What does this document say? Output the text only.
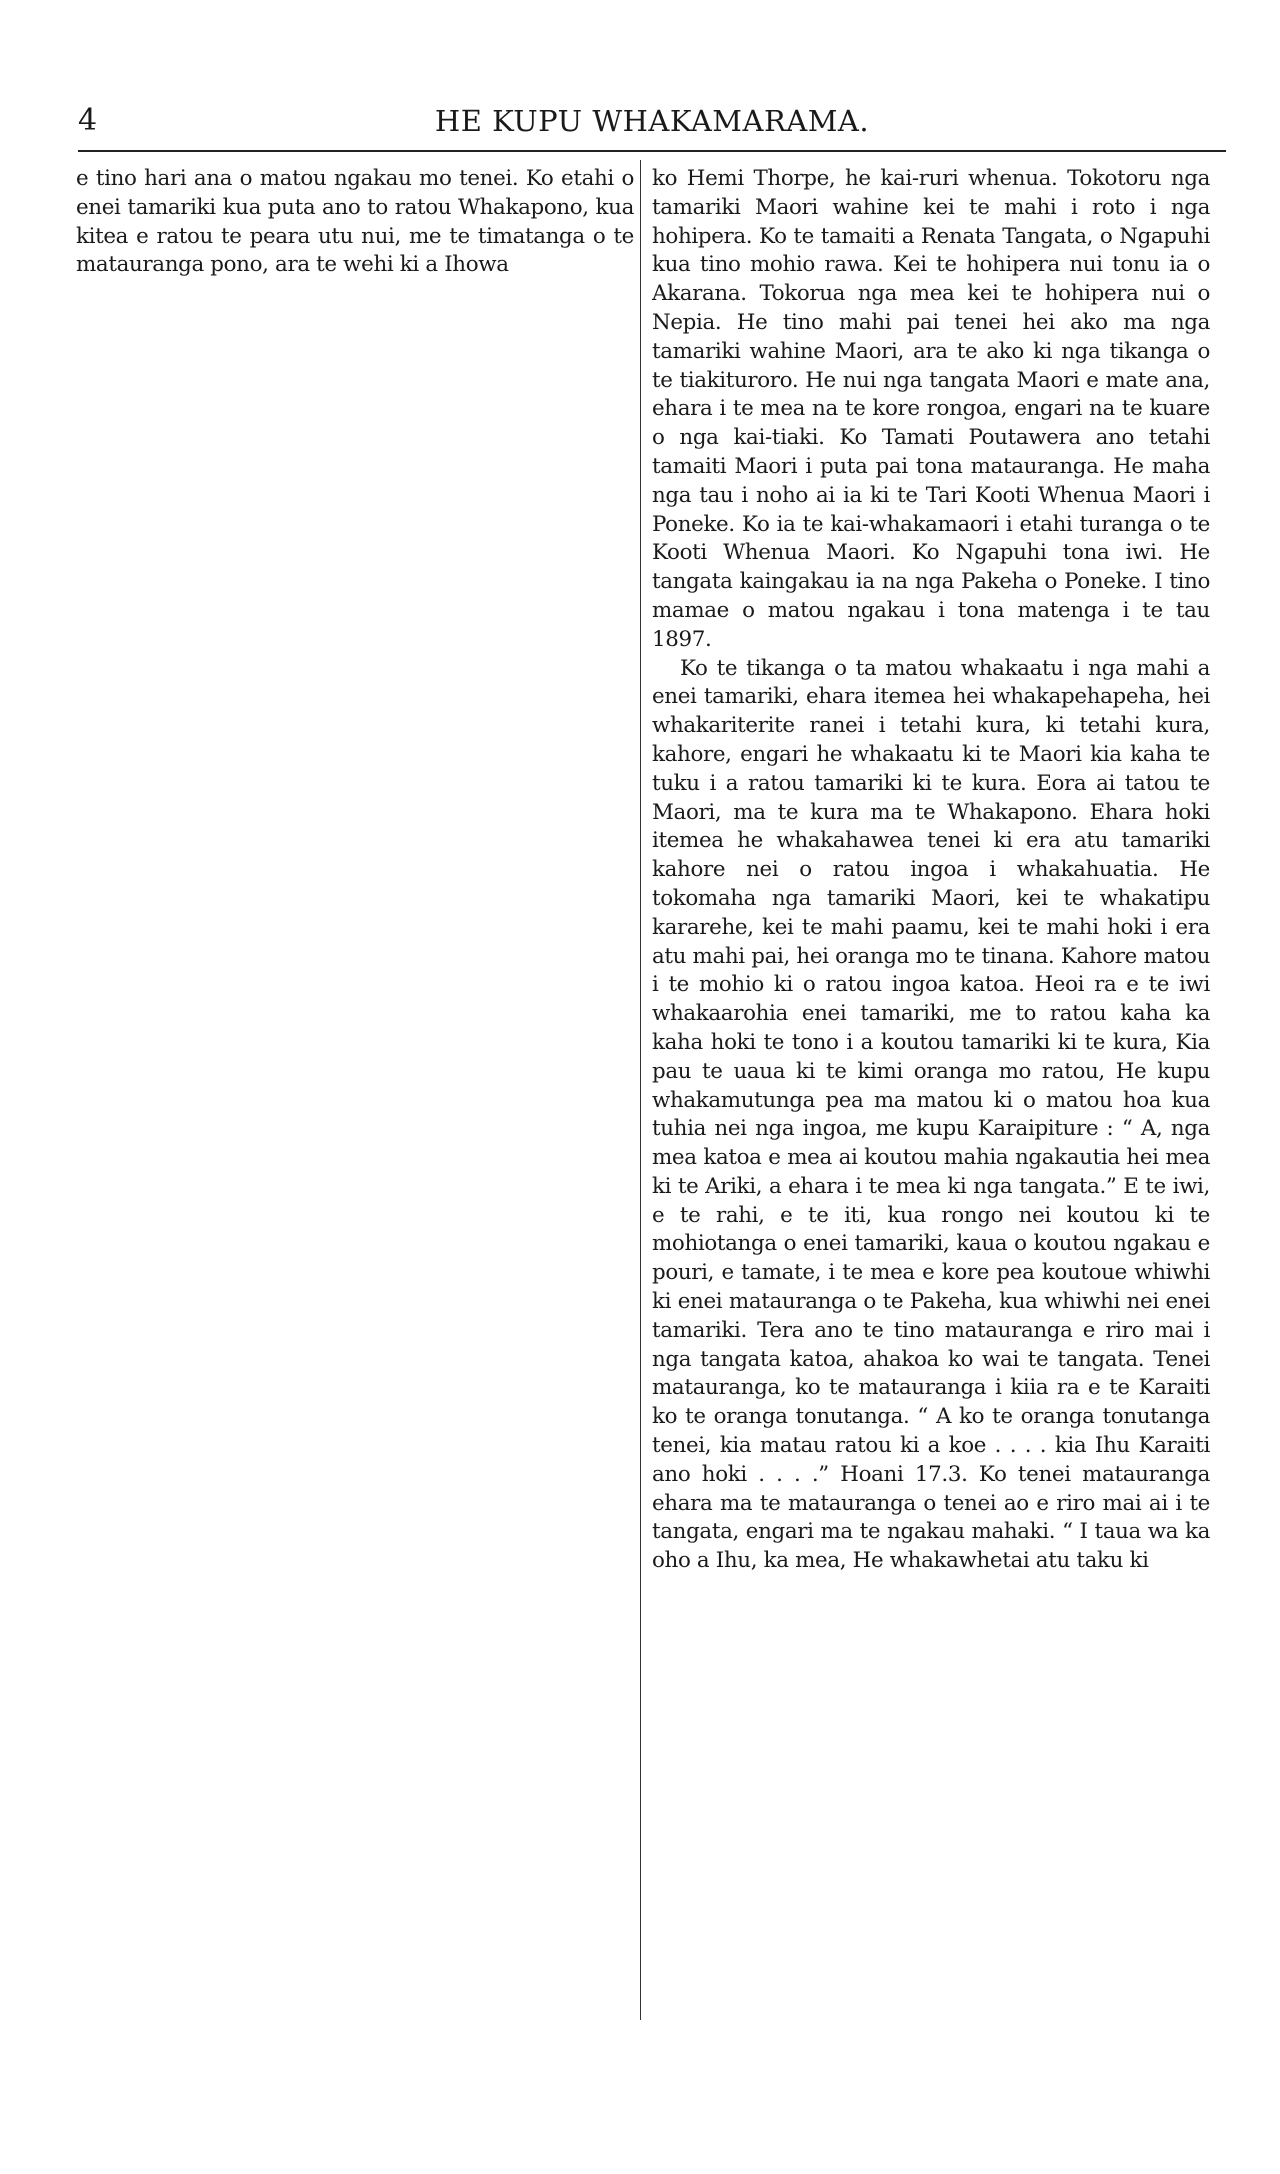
4	HE KUPU WHAKAMARAMA.

e tino hari ana o matou ngakau mo tenei. Ko etahi o enei tamariki kua puta ano to ratou Whakapono, kua kitea e ratou te peara utu nui, me te timatanga o te matauranga pono, ara te wehi ki a Ihowa

ko Hemi Thorpe, he kai-ruri whenua. Tokotoru nga tamariki Maori wahine kei te mahi i roto i nga hohipera. Ko te tamaiti a Renata Tangata, o Ngapuhi kua tino mohio rawa. Kei te hohipera nui tonu ia o Akarana. Tokorua nga mea kei te hohipera nui o Nepia. He tino mahi pai tenei hei ako ma nga tamariki wahine Maori, ara te ako ki nga tikanga o te tiakituroro. He nui nga tangata Maori e mate ana, ehara i te mea na te kore rongoa, engari na te kuare o nga kai-tiaki. Ko Tamati Poutawera ano tetahi tamaiti Maori i puta pai tona matauranga. He maha nga tau i noho ai ia ki te Tari Kooti Whenua Maori i Poneke. Ko ia te kai-whakamaori i etahi turanga o te Kooti Whenua Maori. Ko Ngapuhi tona iwi. He tangata kaingakau ia na nga Pakeha o Poneke. I tino mamae o matou ngakau i tona matenga i te tau 1897.

Ko te tikanga o ta matou whakaatu i nga mahi a enei tamariki, ehara itemea hei whakapehapeha, hei whakariterite ranei i tetahi kura, ki tetahi kura, kahore, engari he whakaatu ki te Maori kia kaha te tuku i a ratou tamariki ki te kura. Eora ai tatou te Maori, ma te kura ma te Whakapono. Ehara hoki itemea he whakahawea tenei ki era atu tamariki kahore nei o ratou ingoa i whakahuatia. He tokomaha nga tamariki Maori, kei te whakatipu kararehe, kei te mahi paamu, kei te mahi hoki i era atu mahi pai, hei oranga mo te tinana. Kahore matou i te mohio ki o ratou ingoa katoa. Heoi ra e te iwi whakaarohia enei tamariki, me to ratou kaha ka kaha hoki te tono i a koutou tamariki ki te kura, Kia pau te uaua ki te kimi oranga mo ratou, He kupu whakamutunga pea ma matou ki o matou hoa kua tuhia nei nga ingoa, me kupu Karaipiture : “ A, nga mea katoa e mea ai koutou mahia ngakautia hei mea ki te Ariki, a ehara i te mea ki nga tangata.” E te iwi, e te rahi, e te iti, kua rongo nei koutou ki te mohiotanga o enei tamariki, kaua o koutou ngakau e pouri, e tamate, i te mea e kore pea koutoue whiwhi ki enei matauranga o te Pakeha, kua whiwhi nei enei tamariki. Tera ano te tino matauranga e riro mai i nga tangata katoa, ahakoa ko wai te tangata. Tenei matauranga, ko te matauranga i kiia ra e te Karaiti ko te oranga tonutanga. “ A ko te oranga tonutanga tenei, kia matau ratou ki a koe . . . . kia Ihu Karaiti ano hoki . . . .” Hoani 17.3. Ko tenei matauranga ehara ma te matauranga o tenei ao e riro mai ai i te tangata, engari ma te ngakau mahaki. “ I taua wa ka oho a Ihu, ka mea, He whakawhetai atu taku ki
